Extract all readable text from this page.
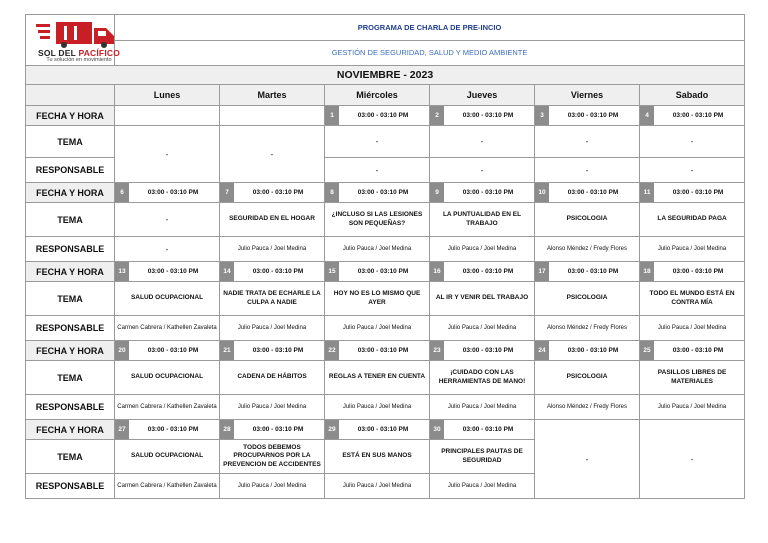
SOL DEL PACÍFICO
Tu solución en movimiento	PROGRAMA DE CHARLA DE PRE-INCIO					
	GESTIÓN DE SEGURIDAD, SALUD Y MEDIO AMBIENTE					
NOVIEMBRE - 2023						
	Lunes	Martes	Miércoles	Jueves	Viernes	Sabado
FECHA Y HORA			1 03:00 - 03:10 PM	2 03:00 - 03:10 PM	3 03:00 - 03:10 PM	4 03:00 - 03:10 PM
TEMA	-	-	-	-	-	-
RESPONSABLE			-	-	-	-
FECHA Y HORA	6 03:00 - 03:10 PM	7 03:00 - 03:10 PM	8 03:00 - 03:10 PM	9 03:00 - 03:10 PM	10 03:00 - 03:10 PM	11 03:00 - 03:10 PM
TEMA	-	SEGURIDAD EN EL HOGAR	¿INCLUSO SI LAS LESIONES SON PEQUEÑAS?	LA PUNTUALIDAD EN EL TRABAJO	PSICOLOGIA	LA SEGURIDAD PAGA
RESPONSABLE	-	Julio Pauca / Joel Medina	Julio Pauca / Joel Medina	Julio Pauca / Joel Medina	Alonso Méndez / Fredy Flores	Julio Pauca / Joel Medina
FECHA Y HORA	13 03:00 - 03:10 PM	14 03:00 - 03:10 PM	15 03:00 - 03:10 PM	16 03:00 - 03:10 PM	17 03:00 - 03:10 PM	18 03:00 - 03:10 PM
TEMA	SALUD OCUPACIONAL	NADIE TRATA DE ECHARLE LA CULPA A NADIE	HOY NO ES LO MISMO QUE AYER	AL IR Y VENIR DEL TRABAJO	PSICOLOGIA	TODO EL MUNDO ESTÁ EN CONTRA MÍA
RESPONSABLE	Carmen Cabrera / Kathellen Zavaleta	Julio Pauca / Joel Medina	Julio Pauca / Joel Medina	Julio Pauca / Joel Medina	Alonso Méndez / Fredy Flores	Julio Pauca / Joel Medina
FECHA Y HORA	20 03:00 - 03:10 PM	21 03:00 - 03:10 PM	22 03:00 - 03:10 PM	23 03:00 - 03:10 PM	24 03:00 - 03:10 PM	25 03:00 - 03:10 PM
TEMA	SALUD OCUPACIONAL	CADENA DE HÁBITOS	REGLAS A TENER EN CUENTA	¡CUIDADO CON LAS HERRAMIENTAS DE MANO!	PSICOLOGIA	PASILLOS LIBRES DE MATERIALES
RESPONSABLE	Carmen Cabrera / Kathellen Zavaleta	Julio Pauca / Joel Medina	Julio Pauca / Joel Medina	Julio Pauca / Joel Medina	Alonso Méndez / Fredy Flores	Julio Pauca / Joel Medina
FECHA Y HORA	27 03:00 - 03:10 PM	28 03:00 - 03:10 PM	29 03:00 - 03:10 PM	30 03:00 - 03:10 PM	-	-
TEMA	SALUD OCUPACIONAL	TODOS DEBEMOS PROCUPARNOS POR LA PREVENCION DE ACCIDENTES	ESTÁ EN SUS MANOS	PRINCIPALES PAUTAS DE SEGURIDAD		
RESPONSABLE	Carmen Cabrera / Kathellen Zavaleta	Julio Pauca / Joel Medina	Julio Pauca / Joel Medina	Julio Pauca / Joel Medina		
